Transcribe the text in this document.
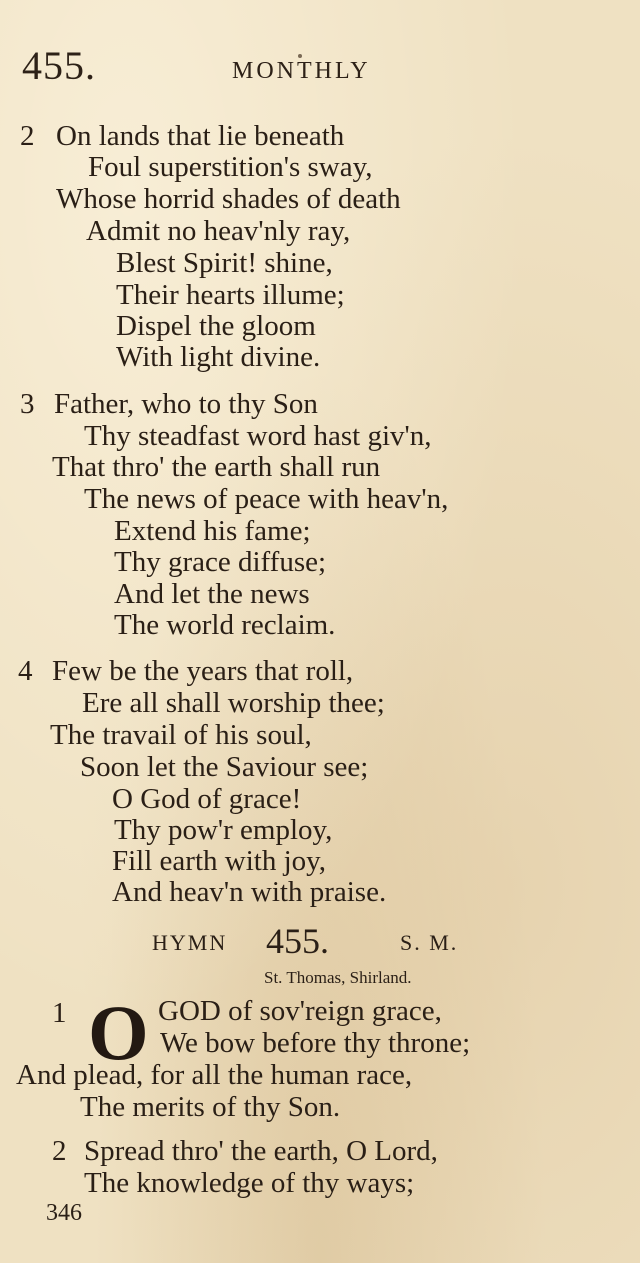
455.	MONTHLY
2 On lands that lie beneath
Foul superstition's sway,
Whose horrid shades of death
Admit no heav'nly ray,
Blest Spirit! shine,
Their hearts illume;
Dispel the gloom
With light divine.
3 Father, who to thy Son
Thy steadfast word hast giv'n,
That thro' the earth shall run
The news of peace with heav'n,
Extend his fame;
Thy grace diffuse;
And let the news
The world reclaim.
4 Few be the years that roll,
Ere all shall worship thee;
The travail of his soul,
Soon let the Saviour see;
O God of grace!
Thy pow'r employ,
Fill earth with joy,
And heav'n with praise.
HYMN 455.	S. M.
St. Thomas, Shirland.
1 O GOD of sov'reign grace,
We bow before thy throne;
And plead, for all the human race,
The merits of thy Son.
2 Spread thro' the earth, O Lord,
The knowledge of thy ways;
346
